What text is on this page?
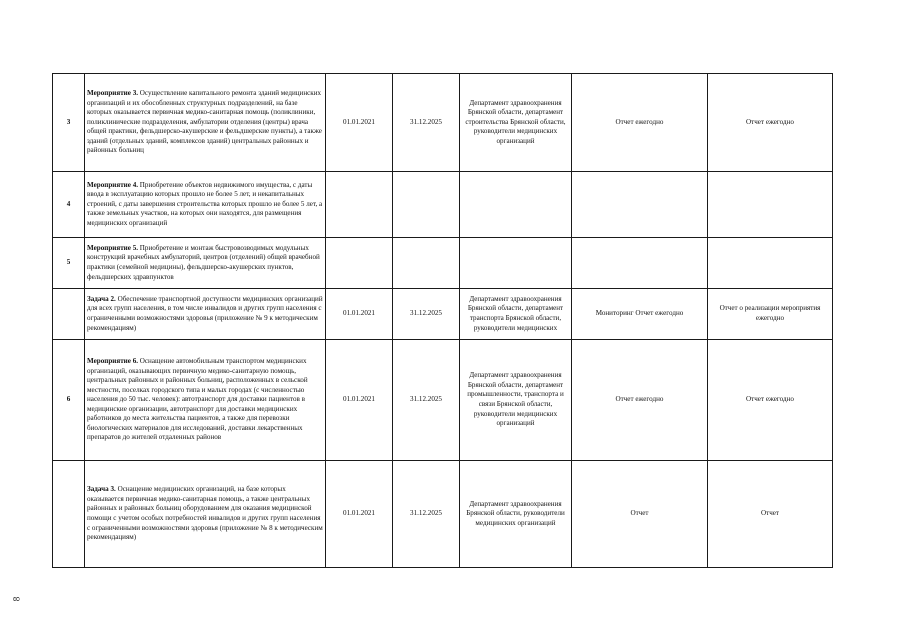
3	Мероприятие 3. Осуществление капитального ремонта зданий медицинских организаций и их обособленных структурных подразделений, на базе которых оказывается первичная медико-санитарная помощь (поликлиники, поликлинические подразделения, амбулатории отделения (центры) врача общей практики, фельдшерско-акушерские и фельдшерские пункты), а также зданий (отдельных зданий, комплексов зданий) центральных районных и районных больниц	01.01.2021	31.12.2025	Департамент здравоохранения Брянской области, департамент строительства Брянской области, руководители медицинских организаций	Отчет ежегодно	Отчет ежегодно
4	Мероприятие 4. Приобретение объектов недвижимого имущества, с даты ввода в эксплуатацию которых прошло не более 5 лет, и некапитальных строений, с даты завершения строительства которых прошло не более 5 лет, а также земельных участков, на которых они находятся, для размещения медицинских организаций					

5	Мероприятие 5. Приобретение и монтаж быстровозводимых модульных конструкций врачебных амбулаторий, центров (отделений) общей врачебной практики (семейной медицины), фельдшерско-акушерских пунктов, фельдшерских здравпунктов					

	Задача 2. Обеспечение транспортной доступности медицинских организаций для всех групп населения, в том числе инвалидов и других групп населения с ограниченными возможностями здоровья (приложение № 9 к методическим рекомендациям)	01.01.2021	31.12.2025	Департамент здравоохранения Брянской области, департамент транспорта Брянской области, руководители медицинских	Мониторинг Отчет ежегодно	Отчет о реализации мероприятия ежегодно
6	Мероприятие 6. Оснащение автомобильным транспортом медицинских организаций, оказывающих первичную медико-санитарную помощь, центральных районных и районных больниц, расположенных в сельской местности, поселках городского типа и малых городах (с численностью населения до 50 тыс. человек): автотранспорт для доставки пациентов в медицинские организации, автотранспорт для доставки медицинских работников до места жительства пациентов, а также для перевозки биологических материалов для исследований, доставки лекарственных препаратов до жителей отдаленных районов	01.01.2021	31.12.2025	Департамент здравоохранения Брянской области, департамент промышленности, транспорта и связи Брянской области, руководители медицинских организаций	Отчет ежегодно	Отчет ежегодно

	Задача 3. Оснащение медицинских организаций, на базе которых оказывается первичная медико-санитарная помощь, а также центральных районных и районных больниц оборудованием для оказания медицинской помощи с учетом особых потребностей инвалидов и других групп населения с ограниченными возможностями здоровья (приложение № 8 к методическим рекомендациям)	01.01.2021	31.12.2025	Департамент здравоохранения Брянской области, руководители медицинских организаций	Отчет	Отчет
8
